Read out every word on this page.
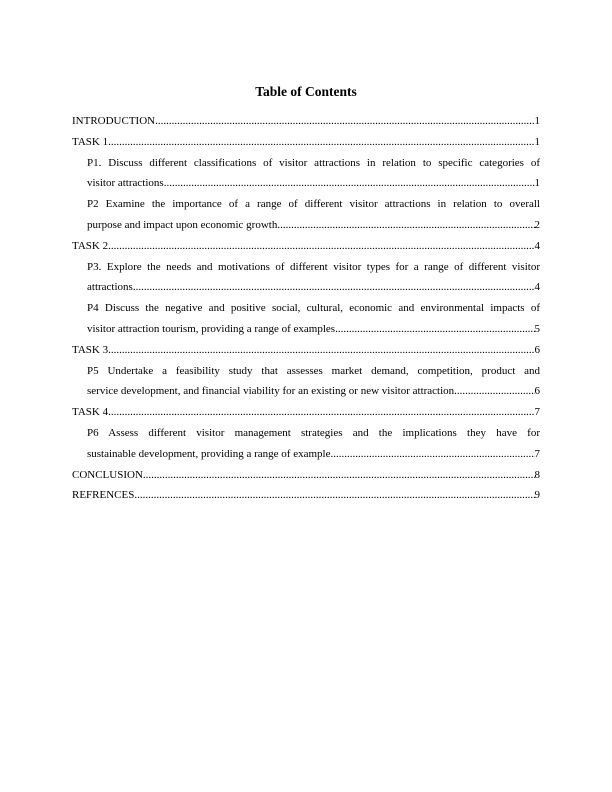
Table of Contents
INTRODUCTION .....	1
TASK 1 .....	1
P1. Discuss different classifications of visitor attractions in relation to specific categories of
visitor attractions .....	1
P2 Examine the importance of a range of different visitor attractions in relation to overall
purpose and impact upon economic growth .....	2
TASK 2 .....	4
P3. Explore the needs and motivations of different visitor types for a range of different visitor
attractions .....	4
P4 Discuss the negative and positive social, cultural, economic and environmental impacts of
visitor attraction tourism, providing a range of examples .....	5
TASK 3 .....	6
P5 Undertake a feasibility study that assesses market demand, competition, product and
service development, and financial viability for an existing or new visitor attraction .....	6
TASK 4 .....	7
P6 Assess different visitor management strategies and the implications they have for
sustainable development, providing a range of example .....	7
CONCLUSION .....	8
REFRENCES .....	9
